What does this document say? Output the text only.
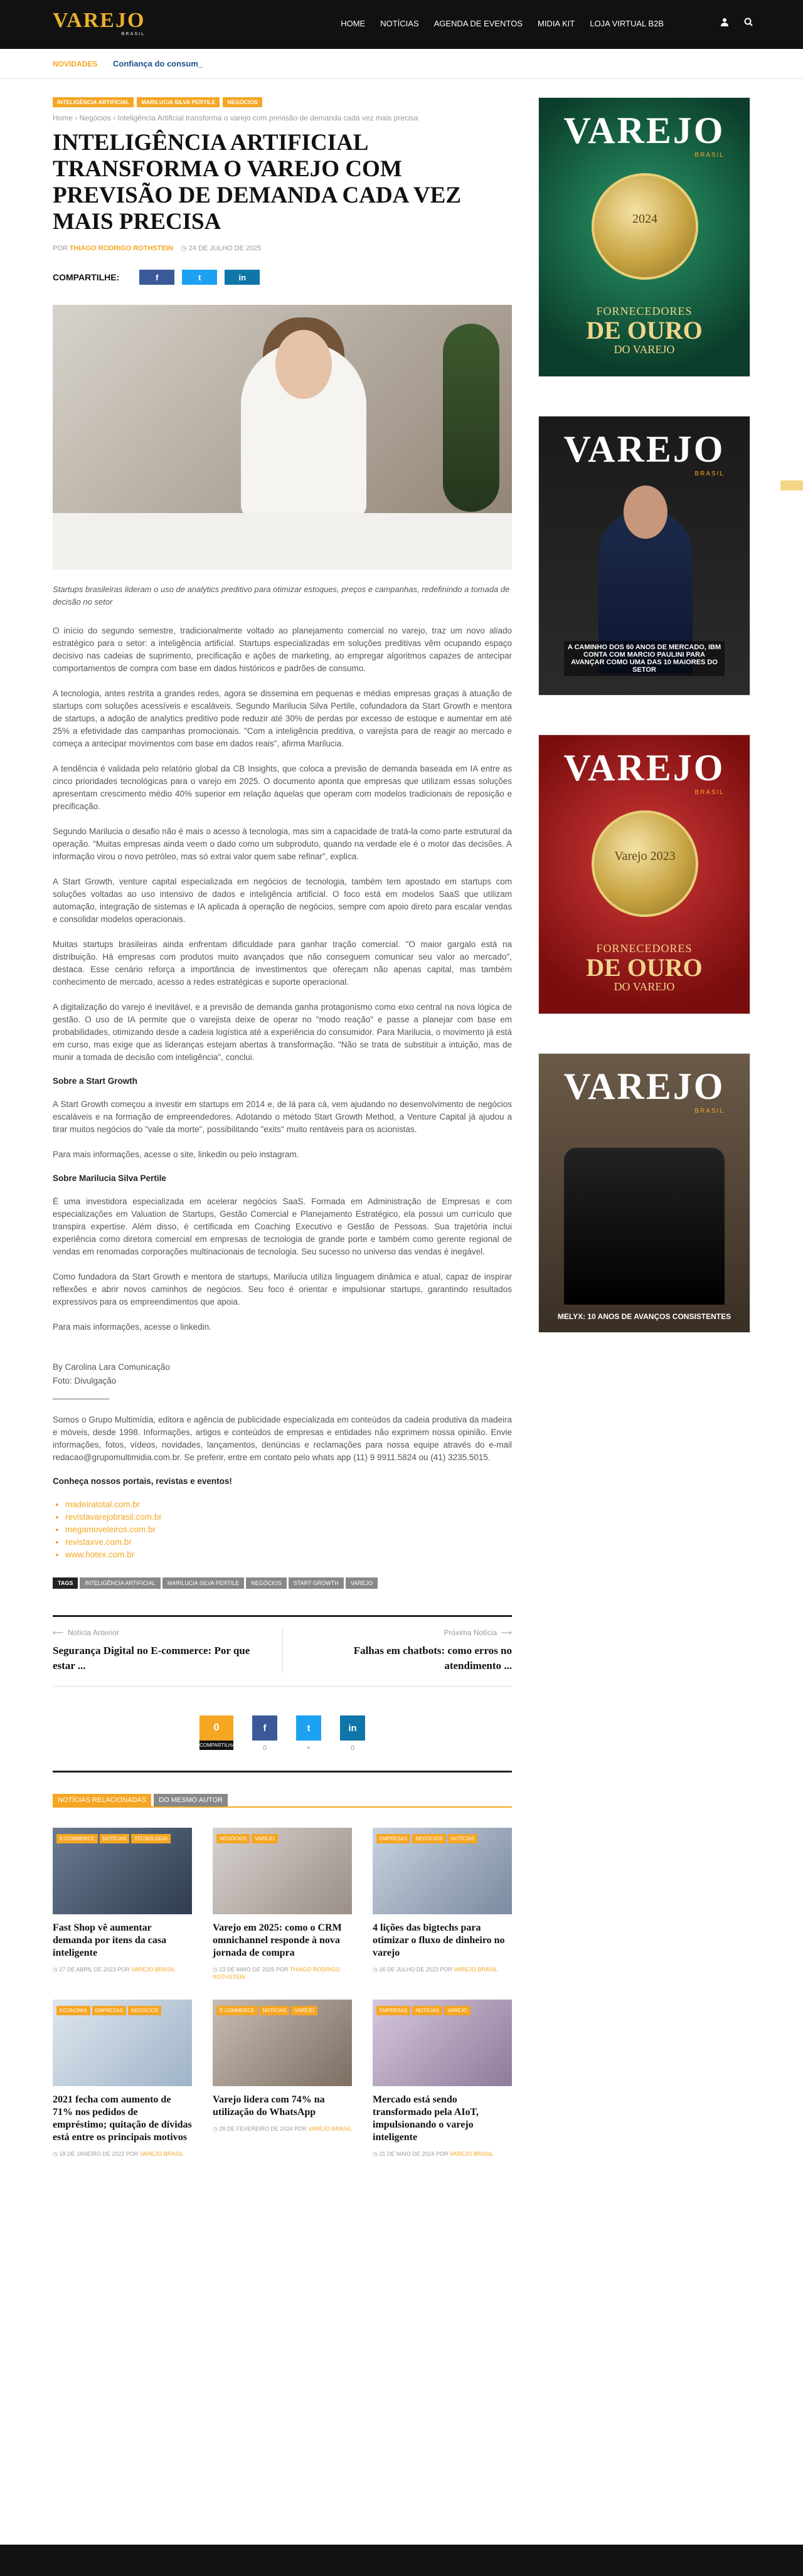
VAREJO
BRASIL
HOME	NOTÍCIAS	AGENDA DE EVENTOS	MIDIA KIT	LOJA VIRTUAL B2B
NOVIDADES Confiança do consum_
INTELIGÊNCIA ARTIFICIAL	MARILUCIA SILVA PERTILE	NEGÓCIOS
Home › Negócios › Inteligência Artificial transforma o varejo com previsão de demanda cada vez mais precisa
INTELIGÊNCIA ARTIFICIAL TRANSFORMA O VAREJO COM PREVISÃO DE DEMANDA CADA VEZ MAIS PRECISA
POR THIAGO RODRIGO ROTHSTEIN ◷ 24 DE JULHO DE 2025
COMPARTILHE:	f	t	in

Startups brasileiras lideram o uso de analytics preditivo para otimizar estoques, preços e campanhas, redefinindo a tomada de decisão no setor

O início do segundo semestre, tradicionalmente voltado ao planejamento comercial no varejo, traz um novo aliado estratégico para o setor: a inteligência artificial. Startups especializadas em soluções preditivas vêm ocupando espaço decisivo nas cadeias de suprimento, precificação e ações de marketing, ao empregar algoritmos capazes de antecipar comportamentos de compra com base em dados históricos e padrões de consumo.

A tecnologia, antes restrita a grandes redes, agora se dissemina em pequenas e médias empresas graças à atuação de startups com soluções acessíveis e escaláveis. Segundo Marilucia Silva Pertile, cofundadora da Start Growth e mentora de startups, a adoção de analytics preditivo pode reduzir até 30% de perdas por excesso de estoque e aumentar em até 25% a efetividade das campanhas promocionais. "Com a inteligência preditiva, o varejista para de reagir ao mercado e começa a antecipar movimentos com base em dados reais", afirma Marilucia.

A tendência é validada pelo relatório global da CB Insights, que coloca a previsão de demanda baseada em IA entre as cinco prioridades tecnológicas para o varejo em 2025. O documento aponta que empresas que utilizam essas soluções apresentam crescimento médio 40% superior em relação àquelas que operam com modelos tradicionais de reposição e precificação.

Segundo Marilucia o desafio não é mais o acesso à tecnologia, mas sim a capacidade de tratá-la como parte estrutural da operação. "Muitas empresas ainda veem o dado como um subproduto, quando na verdade ele é o motor das decisões. A informação virou o novo petróleo, mas só extrai valor quem sabe refinar", explica.

A Start Growth, venture capital especializada em negócios de tecnologia, também tem apostado em startups com soluções voltadas ao uso intensivo de dados e inteligência artificial. O foco está em modelos SaaS que utilizam automação, integração de sistemas e IA aplicada à operação de negócios, sempre com apoio direto para escalar vendas e consolidar modelos operacionais.

Muitas startups brasileiras ainda enfrentam dificuldade para ganhar tração comercial. "O maior gargalo está na distribuição. Há empresas com produtos muito avançados que não conseguem comunicar seu valor ao mercado", destaca. Esse cenário reforça a importância de investimentos que ofereçam não apenas capital, mas também conhecimento de mercado, acesso a redes estratégicas e suporte operacional.

A digitalização do varejo é inevitável, e a previsão de demanda ganha protagonismo como eixo central na nova lógica de gestão. O uso de IA permite que o varejista deixe de operar no "modo reação" e passe a planejar com base em probabilidades, otimizando desde a cadeia logística até a experiência do consumidor. Para Marilucia, o movimento já está em curso, mas exige que as lideranças estejam abertas à transformação. "Não se trata de substituir a intuição, mas de munir a tomada de decisão com inteligência", conclui.

Sobre a Start Growth

A Start Growth começou a investir em startups em 2014 e, de lá para cá, vem ajudando no desenvolvimento de negócios escaláveis e na formação de empreendedores. Adotando o método Start Growth Method, a Venture Capital já ajudou a tirar muitos negócios do "vale da morte", possibilitando "exits" muito rentáveis para os acionistas.

Para mais informações, acesse o site, linkedin ou pelo instagram.

Sobre Marilucia Silva Pertile

É uma investidora especializada em acelerar negócios SaaS. Formada em Administração de Empresas e com especializações em Valuation de Startups, Gestão Comercial e Planejamento Estratégico, ela possui um currículo que transpira expertise. Além disso, é certificada em Coaching Executivo e Gestão de Pessoas. Sua trajetória inclui experiência como diretora comercial em empresas de tecnologia de grande porte e também como gerente regional de vendas em renomadas corporações multinacionais de tecnologia. Seu sucesso no universo das vendas é inegável.

Como fundadora da Start Growth e mentora de startups, Marilucia utiliza linguagem dinâmica e atual, capaz de inspirar reflexões e abrir novos caminhos de negócios. Seu foco é orientar e impulsionar startups, garantindo resultados expressivos para os empreendimentos que apoia.

Para mais informações, acesse o linkedin.

By Carolina Lara Comunicação

Foto: Divulgação

____________

Somos o Grupo Multimídia, editora e agência de publicidade especializada em conteúdos da cadeia produtiva da madeira e móveis, desde 1998. Informações, artigos e conteúdos de empresas e entidades não exprimem nossa opinião. Envie informações, fotos, vídeos, novidades, lançamentos, denúncias e reclamações para nossa equipe através do e-mail redacao@grupomultimidia.com.br. Se preferir, entre em contato pelo whats app (11) 9 9911.5824 ou (41) 3235.5015.

Conheça nossos portais, revistas e eventos!
• madeiratotal.com.br
• revistavarejobrasil.com.br
• megamoveleiros.com.br
• revistaxve.com.br
• www.hotex.com.br
TAGS	INTELIGÊNCIA ARTIFICIAL	MARILUCIA SILVA PERTILE	NEGÓCIOS	START GROWTH	VAREJO
⟵ Notícia Anterior
Segurança Digital no E-commerce: Por que estar ...
Próxima Notícia ⟶
Falhas em chatbots: como erros no atendimento ...
0
COMPARTILHAS
f
0
t
+
in
0
NOTÍCIAS RELACIONADAS	DO MESMO AUTOR
E-COMMERCE	NOTÍCIAS	TECNOLOGIA
Fast Shop vê aumentar demanda por itens da casa inteligente
◷ 27 DE ABRIL DE 2023 POR VAREJO BRASIL
NEGÓCIOS	VAREJO
Varejo em 2025: como o CRM omnichannel responde à nova jornada de compra
◷ 23 DE MAIO DE 2025 POR THIAGO RODRIGO ROTHSTEIN
EMPRESAS	NEGÓCIOS	NOTÍCIAS
4 lições das bigtechs para otimizar o fluxo de dinheiro no varejo
◷ 26 DE JULHO DE 2023 POR VAREJO BRASIL
ECONOMIA	EMPRESAS	NEGÓCIOS
2021 fecha com aumento de 71% nos pedidos de empréstimo; quitação de dívidas está entre os principais motivos
◷ 18 DE JANEIRO DE 2022 POR VAREJO BRASIL
E-COMMERCE	NOTÍCIAS	VAREJO
Varejo lidera com 74% na utilização do WhatsApp
◷ 28 DE FEVEREIRO DE 2024 POR VAREJO BRASIL
EMPRESAS	NOTÍCIAS	VAREJO
Mercado está sendo transformado pela AIoT, impulsionando o varejo inteligente
◷ 21 DE MAIO DE 2024 POR VAREJO BRASIL
VAREJO
BRASIL
2024
FORNECEDORES
DE OURO
DO VAREJO
VAREJO
BRASIL
A CAMINHO DOS 60 ANOS DE MERCADO, IBM CONTA COM MARCIO PAULINI PARA AVANÇAR COMO UMA DAS 10 MAIORES DO SETOR
VAREJO
BRASIL
Varejo 2023
FORNECEDORES
DE OURO
DO VAREJO
VAREJO
BRASIL
MELYX: 10 ANOS DE AVANÇOS CONSISTENTES
